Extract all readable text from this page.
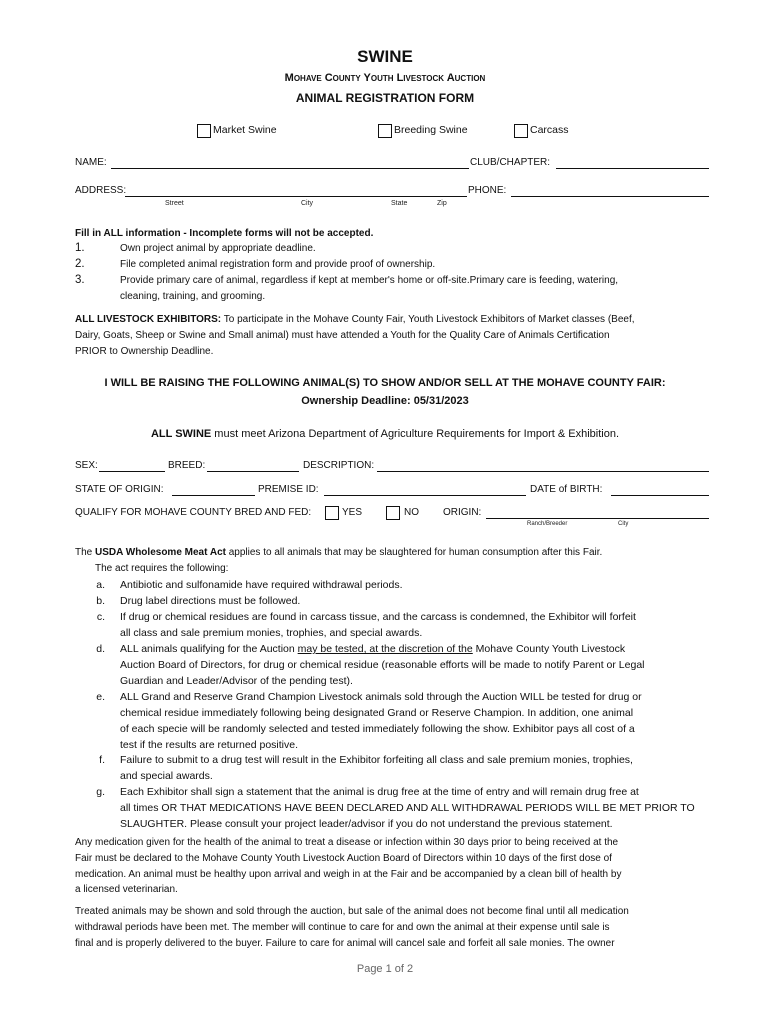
SWINE
Mohave County Youth Livestock Auction
ANIMAL REGISTRATION FORM
Market Swine	Breeding Swine	Carcass
NAME:	CLUB/CHAPTER:
ADDRESS:	PHONE:
Street	City	State	Zip
Fill in ALL information - Incomplete forms will not be accepted.
1.	Own project animal by appropriate deadline.
2.	File completed animal registration form and provide proof of ownership.
3.	Provide primary care of animal, regardless if kept at member's home or off-site.Primary care is feeding, watering,
cleaning, training, and grooming.
ALL LIVESTOCK EXHIBITORS: To participate in the Mohave County Fair, Youth Livestock Exhibitors of Market classes (Beef,
Dairy, Goats, Sheep or Swine and Small animal) must have attended a Youth for the Quality Care of Animals Certification
PRIOR to Ownership Deadline.
I WILL BE RAISING THE FOLLOWING ANIMAL(S) TO SHOW AND/OR SELL AT THE MOHAVE COUNTY FAIR:
Ownership Deadline: 05/31/2023
ALL SWINE must meet Arizona Department of Agriculture Requirements for Import & Exhibition.
SEX:	BREED:	DESCRIPTION:
STATE OF ORIGIN:	PREMISE ID:	DATE of BIRTH:
QUALIFY FOR MOHAVE COUNTY BRED AND FED:	YES	NO ORIGIN:
Ranch/Breeder	City
The USDA Wholesome Meat Act applies to all animals that may be slaughtered for human consumption after this Fair.
The act requires the following:
a. Antibiotic and sulfonamide have required withdrawal periods.
b. Drug label directions must be followed.
c. If drug or chemical residues are found in carcass tissue, and the carcass is condemned, the Exhibitor will forfeit
all class and sale premium monies, trophies, and special awards.
d. ALL animals qualifying for the Auction may be tested, at the discretion of the Mohave County Youth Livestock
Auction Board of Directors, for drug or chemical residue (reasonable efforts will be made to notify Parent or Legal
Guardian and Leader/Advisor of the pending test).
e. ALL Grand and Reserve Grand Champion Livestock animals sold through the Auction WILL be tested for drug or
chemical residue immediately following being designated Grand or Reserve Champion. In addition, one animal
of each specie will be randomly selected and tested immediately following the show. Exhibitor pays all cost of a
test if the results are returned positive.
f. Failure to submit to a drug test will result in the Exhibitor forfeiting all class and sale premium monies, trophies,
and special awards.
g. Each Exhibitor shall sign a statement that the animal is drug free at the time of entry and will remain drug free at
all times OR THAT MEDICATIONS HAVE BEEN DECLARED AND ALL WITHDRAWAL PERIODS WILL BE MET PRIOR TO
SLAUGHTER. Please consult your project leader/advisor if you do not understand the previous statement.
Any medication given for the health of the animal to treat a disease or infection within 30 days prior to being received at the
Fair must be declared to the Mohave County Youth Livestock Auction Board of Directors within 10 days of the first dose of
medication. An animal must be healthy upon arrival and weigh in at the Fair and be accompanied by a clean bill of health by
a licensed veterinarian.
Treated animals may be shown and sold through the auction, but sale of the animal does not become final until all medication
withdrawal periods have been met. The member will continue to care for and own the animal at their expense until sale is
final and is properly delivered to the buyer. Failure to care for animal will cancel sale and forfeit all sale monies. The owner
Page 1 of 2
